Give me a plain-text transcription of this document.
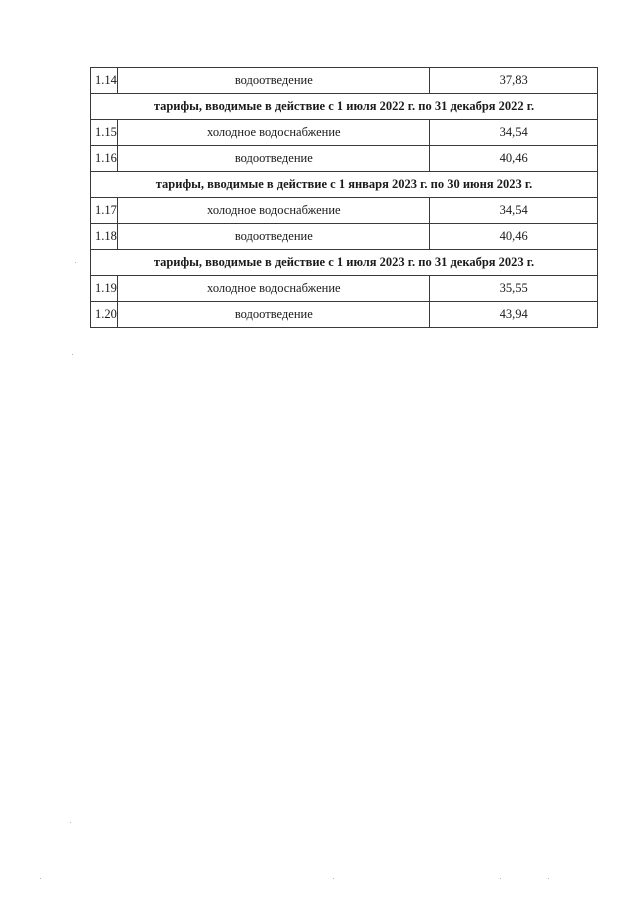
1.14	водоотведение	37,83
тарифы, вводимые в действие с 1 июля 2022 г. по 31 декабря 2022 г.		
1.15	холодное водоснабжение	34,54
1.16	водоотведение	40,46
тарифы, вводимые в действие с 1 января 2023 г. по 30 июня 2023 г.		
1.17	холодное водоснабжение	34,54
1.18	водоотведение	40,46
тарифы, вводимые в действие с 1 июля 2023 г. по 31 декабря 2023 г.		
1.19	холодное водоснабжение	35,55
1.20	водоотведение	43,94
